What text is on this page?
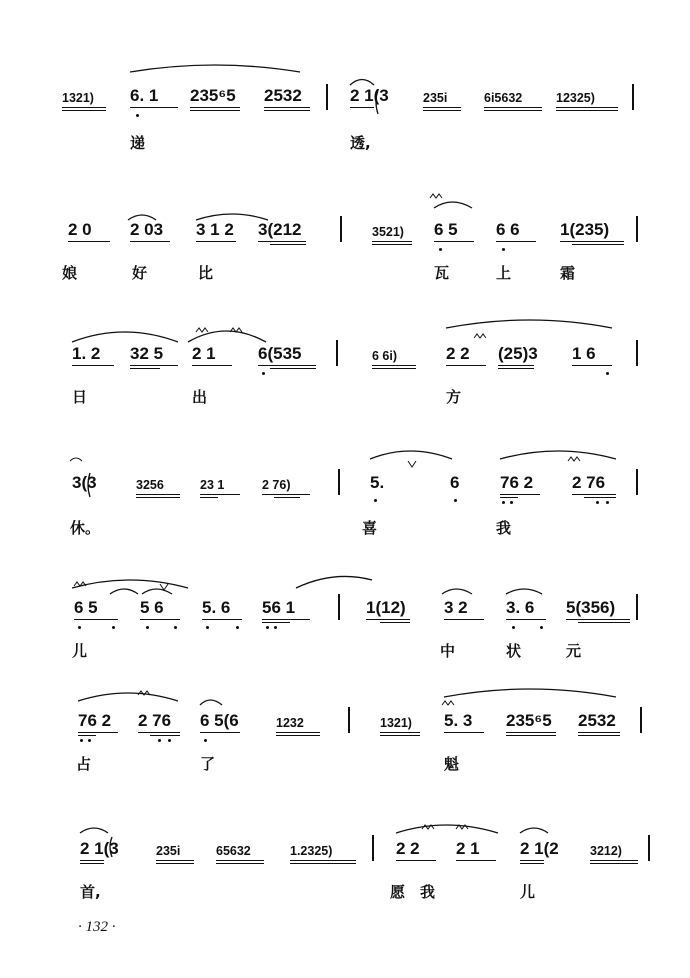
1321) 6. 1 235⁶5 2532	2 1(3	235i	6i5632	12325)
递	透,
2 0 2 03 3 1 2 3(212	3521) 6 5 6 6 1(235)
娘	好	比	瓦	上	霜
1. 2 32 5 2 1 6(535	6 6i)	2 2 (25)3 1 6
日	出	方
3(3	3256	23 1	2 76)	5.	6 76 2 2 76
休。	喜	我
6 5 5 6 5. 6 56 1	1(12) 3 2 3. 6 5(356)
儿	中	状	元
76 2 2 76 6 5(6	1232	1321) 5. 3 235⁶5 2532
占	了	魁
2 1(3	235i	65632	1.2325)	2 2 2 1 2 1(2	3212)
首,	愿 我	儿
· 132 ·
